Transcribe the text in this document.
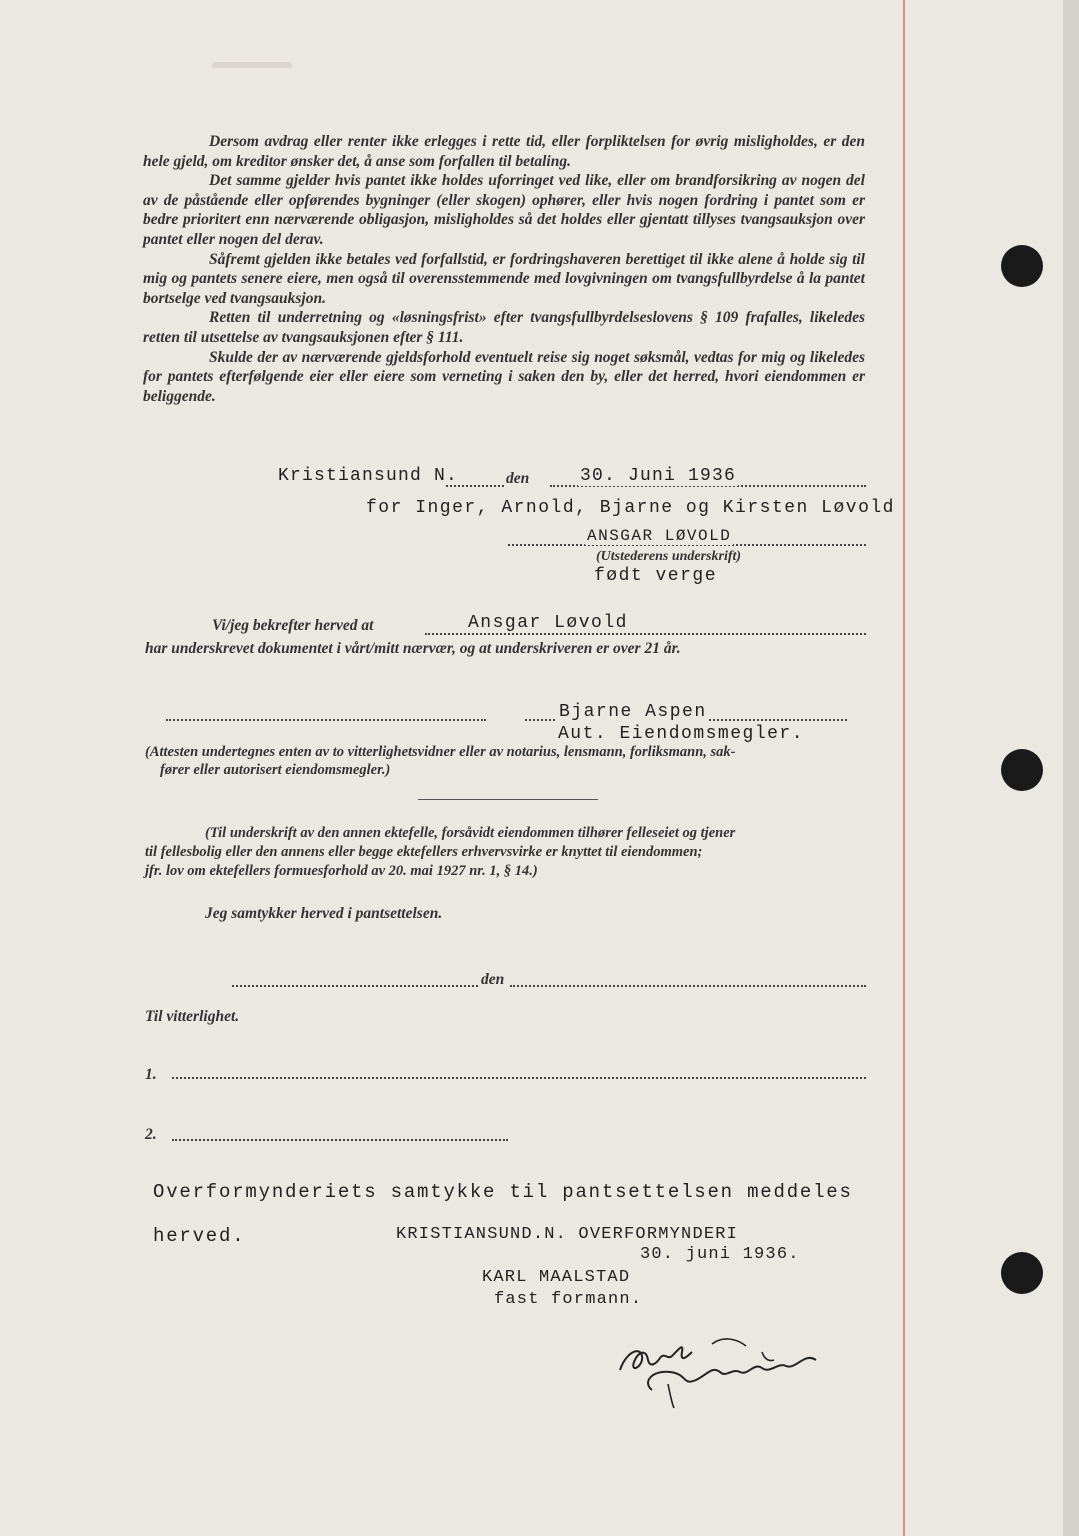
Dersom avdrag eller renter ikke erlegges i rette tid, eller forpliktelsen for øvrig misligholdes, er den hele gjeld, om kreditor ønsker det, å anse som forfallen til betaling.

Det samme gjelder hvis pantet ikke holdes uforringet ved like, eller om brandforsikring av nogen del av de påstående eller opførendes bygninger (eller skogen) ophører, eller hvis nogen fordring i pantet som er bedre prioritert enn nærværende obligasjon, misligholdes så det holdes eller gjentatt tillyses tvangsauksjon over pantet eller nogen del derav.

Såfremt gjelden ikke betales ved forfallstid, er fordringshaveren berettiget til ikke alene å holde sig til mig og pantets senere eiere, men også til overensstemmende med lovgivningen om tvangsfullbyrdelse å la pantet bortselge ved tvangsauksjon.

Retten til underretning og «løsningsfrist» efter tvangsfullbyrdelseslovens § 109 frafalles, likeledes retten til utsettelse av tvangsauksjonen efter § 111.

Skulde der av nærværende gjeldsforhold eventuelt reise sig noget søksmål, vedtas for mig og likeledes for pantets efterfølgende eier eller eiere som verneting i saken den by, eller det herred, hvori eiendommen er beliggende.

Kristiansund N.	den	30. Juni 1936
for Inger, Arnold, Bjarne og Kirsten Løvold
ANSGAR LØVOLD
(Utstederens underskrift)
født verge
Vi/jeg bekrefter herved at	Ansgar Løvold
har underskrevet dokumentet i vårt/mitt nærvær, og at underskriveren er over 21 år.
Bjarne Aspen
Aut. Eiendomsmegler.
(Attesten undertegnes enten av to vitterlighetsvidner eller av notarius, lensmann, forliksmann, sak-
fører eller autorisert eiendomsmegler.)
(Til underskrift av den annen ektefelle, forsåvidt eiendommen tilhører felleseiet og tjener
til fellesbolig eller den annens eller begge ektefellers erhvervsvirke er knyttet til eiendommen;
jfr. lov om ektefellers formuesforhold av 20. mai 1927 nr. 1, § 14.)
Jeg samtykker herved i pantsettelsen.
den
Til vitterlighet.
1.
2.
Overformynderiets samtykke til pantsettelsen meddeles
herved.	KRISTIANSUND.N. OVERFORMYNDERI
30. juni 1936.
KARL MAALSTAD
fast formann.
